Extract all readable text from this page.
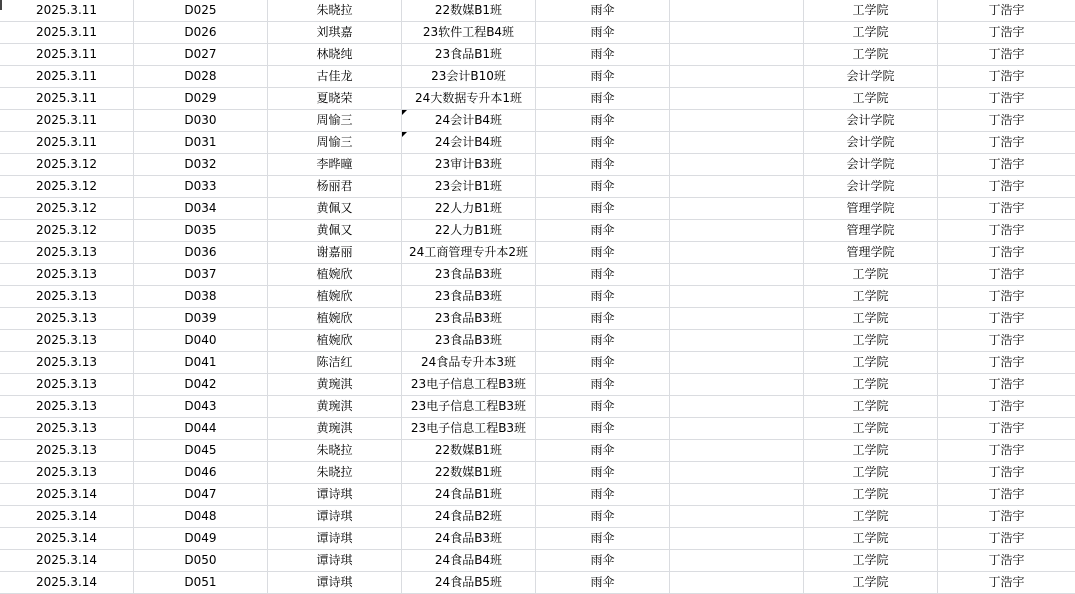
2025.3.11	D025	朱晓拉	22数媒B1班	雨伞	工学院	丁浩宇
2025.3.11	D026	刘琪嘉	23软件工程B4班	雨伞	工学院	丁浩宇
2025.3.11	D027	林晓纯	23食品B1班	雨伞	工学院	丁浩宇
2025.3.11	D028	古佳龙	23会计B10班	雨伞	会计学院	丁浩宇
2025.3.11	D029	夏晓荣	24大数据专升本1班	雨伞	工学院	丁浩宇
2025.3.11	D030	周愉三	24会计B4班	雨伞	会计学院	丁浩宇
2025.3.11	D031	周愉三	24会计B4班	雨伞	会计学院	丁浩宇
2025.3.12	D032	李晔曈	23审计B3班	雨伞	会计学院	丁浩宇
2025.3.12	D033	杨丽君	23会计B1班	雨伞	会计学院	丁浩宇
2025.3.12	D034	黄佩又	22人力B1班	雨伞	管理学院	丁浩宇
2025.3.12	D035	黄佩又	22人力B1班	雨伞	管理学院	丁浩宇
2025.3.13	D036	谢嘉丽	24工商管理专升本2班	雨伞	管理学院	丁浩宇
2025.3.13	D037	植婉欣	23食品B3班	雨伞	工学院	丁浩宇
2025.3.13	D038	植婉欣	23食品B3班	雨伞	工学院	丁浩宇
2025.3.13	D039	植婉欣	23食品B3班	雨伞	工学院	丁浩宇
2025.3.13	D040	植婉欣	23食品B3班	雨伞	工学院	丁浩宇
2025.3.13	D041	陈洁红	24食品专升本3班	雨伞	工学院	丁浩宇
2025.3.13	D042	黄琬淇	23电子信息工程B3班	雨伞	工学院	丁浩宇
2025.3.13	D043	黄琬淇	23电子信息工程B3班	雨伞	工学院	丁浩宇
2025.3.13	D044	黄琬淇	23电子信息工程B3班	雨伞	工学院	丁浩宇
2025.3.13	D045	朱晓拉	22数媒B1班	雨伞	工学院	丁浩宇
2025.3.13	D046	朱晓拉	22数媒B1班	雨伞	工学院	丁浩宇
2025.3.14	D047	谭诗琪	24食品B1班	雨伞	工学院	丁浩宇
2025.3.14	D048	谭诗琪	24食品B2班	雨伞	工学院	丁浩宇
2025.3.14	D049	谭诗琪	24食品B3班	雨伞	工学院	丁浩宇
2025.3.14	D050	谭诗琪	24食品B4班	雨伞	工学院	丁浩宇
2025.3.14	D051	谭诗琪	24食品B5班	雨伞	工学院	丁浩宇
